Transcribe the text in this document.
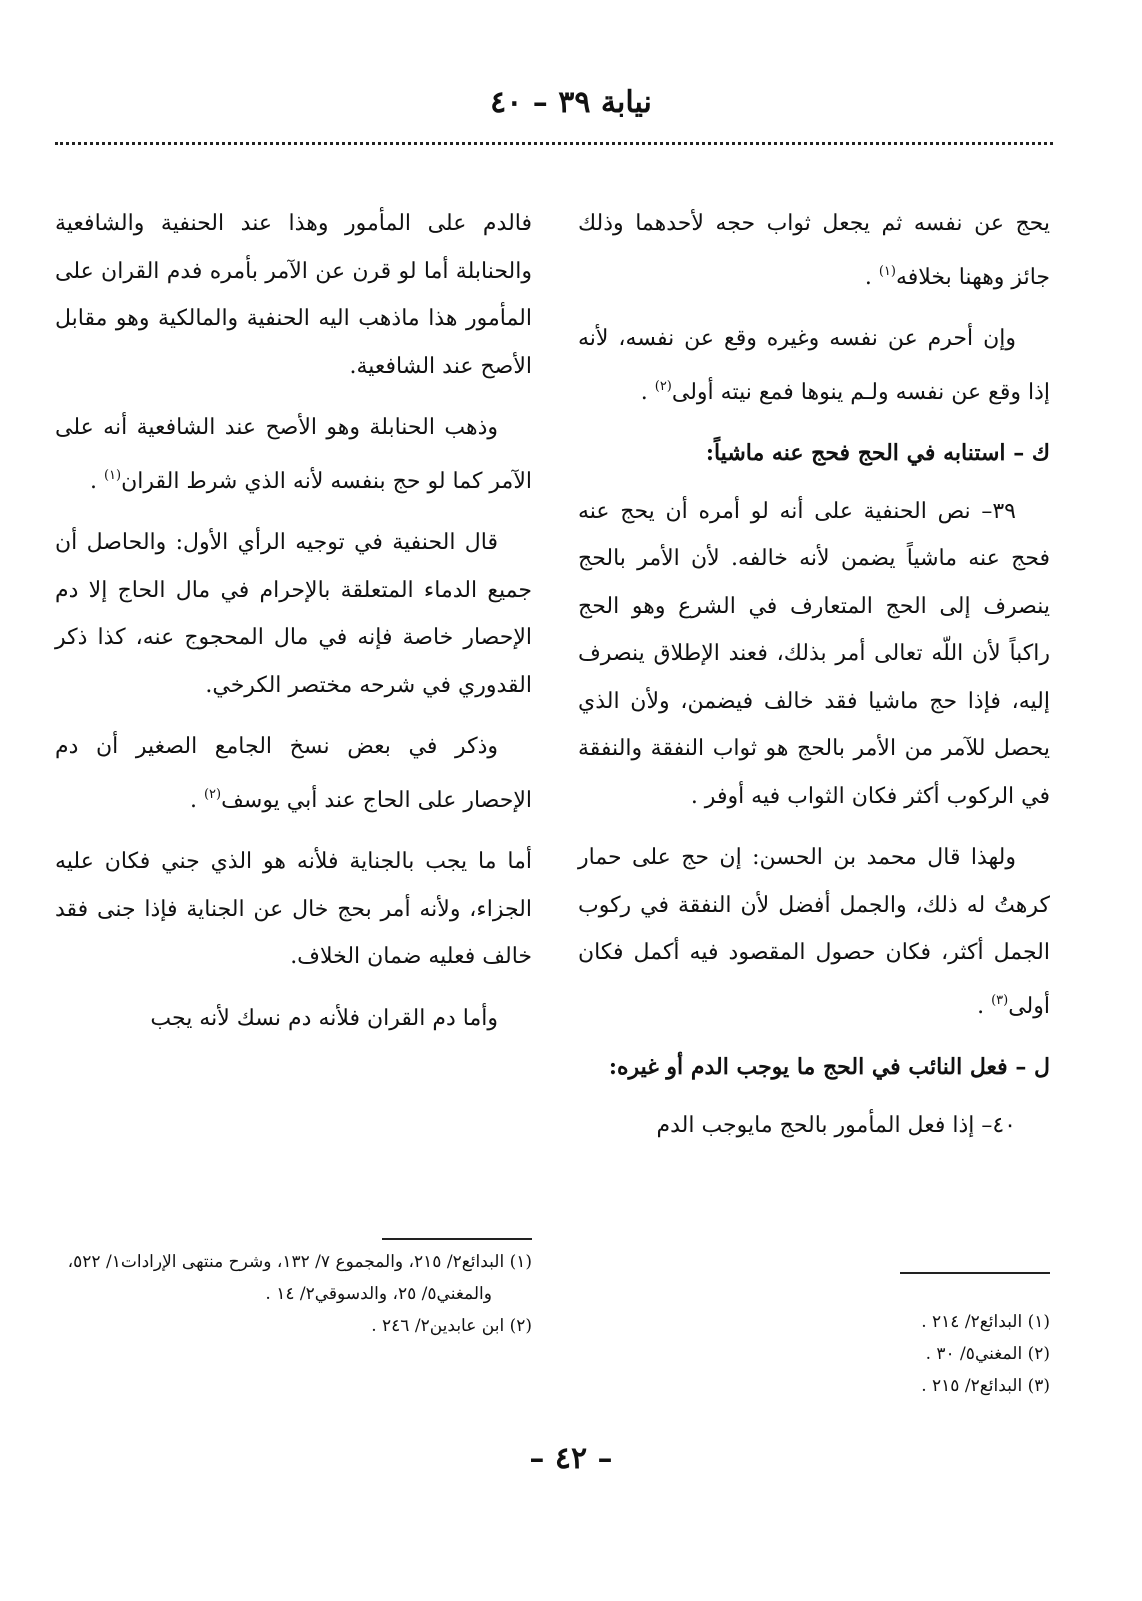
نيابة ٣٩ – ٤٠

يحج عن نفسه ثم يجعل ثواب حجه لأحدهما وذلك جائز وههنا بخلافه$^{(١)}$ .

وإن أحرم عن نفسه وغيره وقع عن نفسه، لأنه إذا وقع عن نفسه ولـم ينوها فمع نيته أولى$^{(٢)}$ .

ك – استنابه في الحج فحج عنه ماشياً:

٣٩– نص الحنفية على أنه لو أمره أن يحج عنه فحج عنه ماشياً يضمن لأنه خالفه. لأن الأمر بالحج ينصرف إلى الحج المتعارف في الشرع وهو الحج راكباً لأن اللّه تعالى أمر بذلك، فعند الإطلاق ينصرف إليه، فإذا حج ماشيا فقد خالف فيضمن، ولأن الذي يحصل للآمر من الأمر بالحج هو ثواب النفقة والنفقة في الركوب أكثر فكان الثواب فيه أوفر .

ولهذا قال محمد بن الحسن: إن حج على حمار كرهتُ له ذلك، والجمل أفضل لأن النفقة في ركوب الجمل أكثر، فكان حصول المقصود فيه أكمل فكان أولى$^{(٣)}$ .

ل – فعل النائب في الحج ما يوجب الدم أو غيره:

٤٠– إذا فعل المأمور بالحج مايوجب الدم

فالدم على المأمور وهذا عند الحنفية والشافعية والحنابلة أما لو قرن عن الآمر بأمره فدم القران على المأمور هذا ماذهب اليه الحنفية والمالكية وهو مقابل الأصح عند الشافعية.

وذهب الحنابلة وهو الأصح عند الشافعية أنه على الآمر كما لو حج بنفسه لأنه الذي شرط القران$^{(١)}$ .

قال الحنفية في توجيه الرأي الأول: والحاصل أن جميع الدماء المتعلقة بالإحرام في مال الحاج إلا دم الإحصار خاصة فإنه في مال المحجوج عنه، كذا ذكر القدوري في شرحه مختصر الكرخي.

وذكر في بعض نسخ الجامع الصغير أن دم الإحصار على الحاج عند أبي يوسف$^{(٢)}$ .

أما ما يجب بالجناية فلأنه هو الذي جني فكان عليه الجزاء، ولأنه أمر بحج خال عن الجناية فإذا جنى فقد خالف فعليه ضمان الخلاف.

وأما دم القران فلأنه دم نسك لأنه يجب

(١) البدائع٢/ ٢١٤ .
(٢) المغني٥/ ٣٠ .
(٣) البدائع٢/ ٢١٥ .
(١) البدائع٢/ ٢١٥، والمجموع ٧/ ١٣٢، وشرح منتهى الإرادات١/ ٥٢٢، والمغني٥/ ٢٥، والدسوقي٢/ ١٤ .
(٢) ابن عابدين٢/ ٢٤٦ .
– ٤٢ –
